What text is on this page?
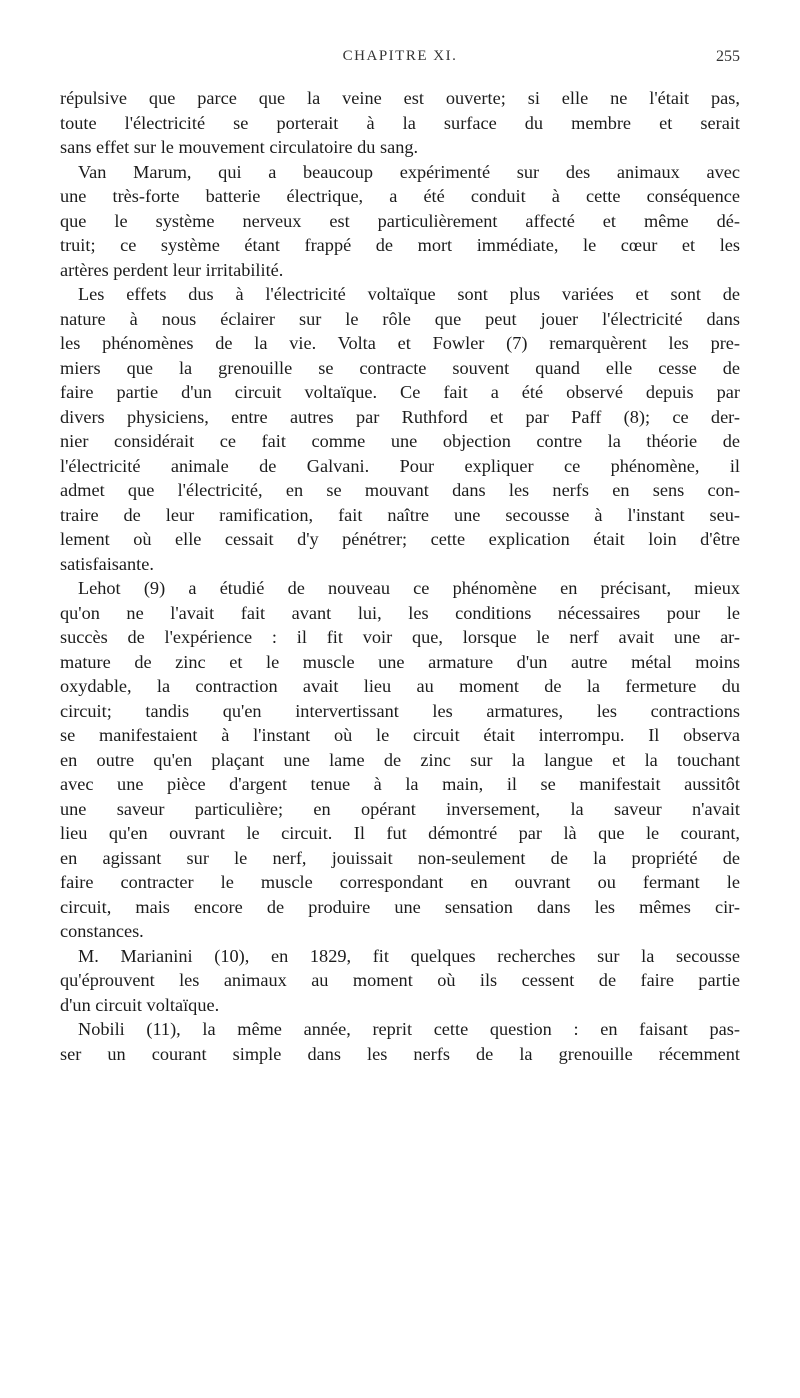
CHAPITRE XI.	255
répulsive que parce que la veine est ouverte; si elle ne l'était pas,
toute l'électricité se porterait à la surface du membre et serait
sans effet sur le mouvement circulatoire du sang.
Van Marum, qui a beaucoup expérimenté sur des animaux avec
une très-forte batterie électrique, a été conduit à cette conséquence
que le système nerveux est particulièrement affecté et même dé-
truit; ce système étant frappé de mort immédiate, le cœur et les
artères perdent leur irritabilité.
Les effets dus à l'électricité voltaïque sont plus variées et sont de
nature à nous éclairer sur le rôle que peut jouer l'électricité dans
les phénomènes de la vie. Volta et Fowler (7) remarquèrent les pre-
miers que la grenouille se contracte souvent quand elle cesse de
faire partie d'un circuit voltaïque. Ce fait a été observé depuis par
divers physiciens, entre autres par Ruthford et par Paff (8); ce der-
nier considérait ce fait comme une objection contre la théorie de
l'électricité animale de Galvani. Pour expliquer ce phénomène, il
admet que l'électricité, en se mouvant dans les nerfs en sens con-
traire de leur ramification, fait naître une secousse à l'instant seu-
lement où elle cessait d'y pénétrer; cette explication était loin d'être
satisfaisante.
Lehot (9) a étudié de nouveau ce phénomène en précisant, mieux
qu'on ne l'avait fait avant lui, les conditions nécessaires pour le
succès de l'expérience : il fit voir que, lorsque le nerf avait une ar-
mature de zinc et le muscle une armature d'un autre métal moins
oxydable, la contraction avait lieu au moment de la fermeture du
circuit; tandis qu'en intervertissant les armatures, les contractions
se manifestaient à l'instant où le circuit était interrompu. Il observa
en outre qu'en plaçant une lame de zinc sur la langue et la touchant
avec une pièce d'argent tenue à la main, il se manifestait aussitôt
une saveur particulière; en opérant inversement, la saveur n'avait
lieu qu'en ouvrant le circuit. Il fut démontré par là que le courant,
en agissant sur le nerf, jouissait non-seulement de la propriété de
faire contracter le muscle correspondant en ouvrant ou fermant le
circuit, mais encore de produire une sensation dans les mêmes cir-
constances.
M. Marianini (10), en 1829, fit quelques recherches sur la secousse
qu'éprouvent les animaux au moment où ils cessent de faire partie
d'un circuit voltaïque.
Nobili (11), la même année, reprit cette question : en faisant pas-
ser un courant simple dans les nerfs de la grenouille récemment
